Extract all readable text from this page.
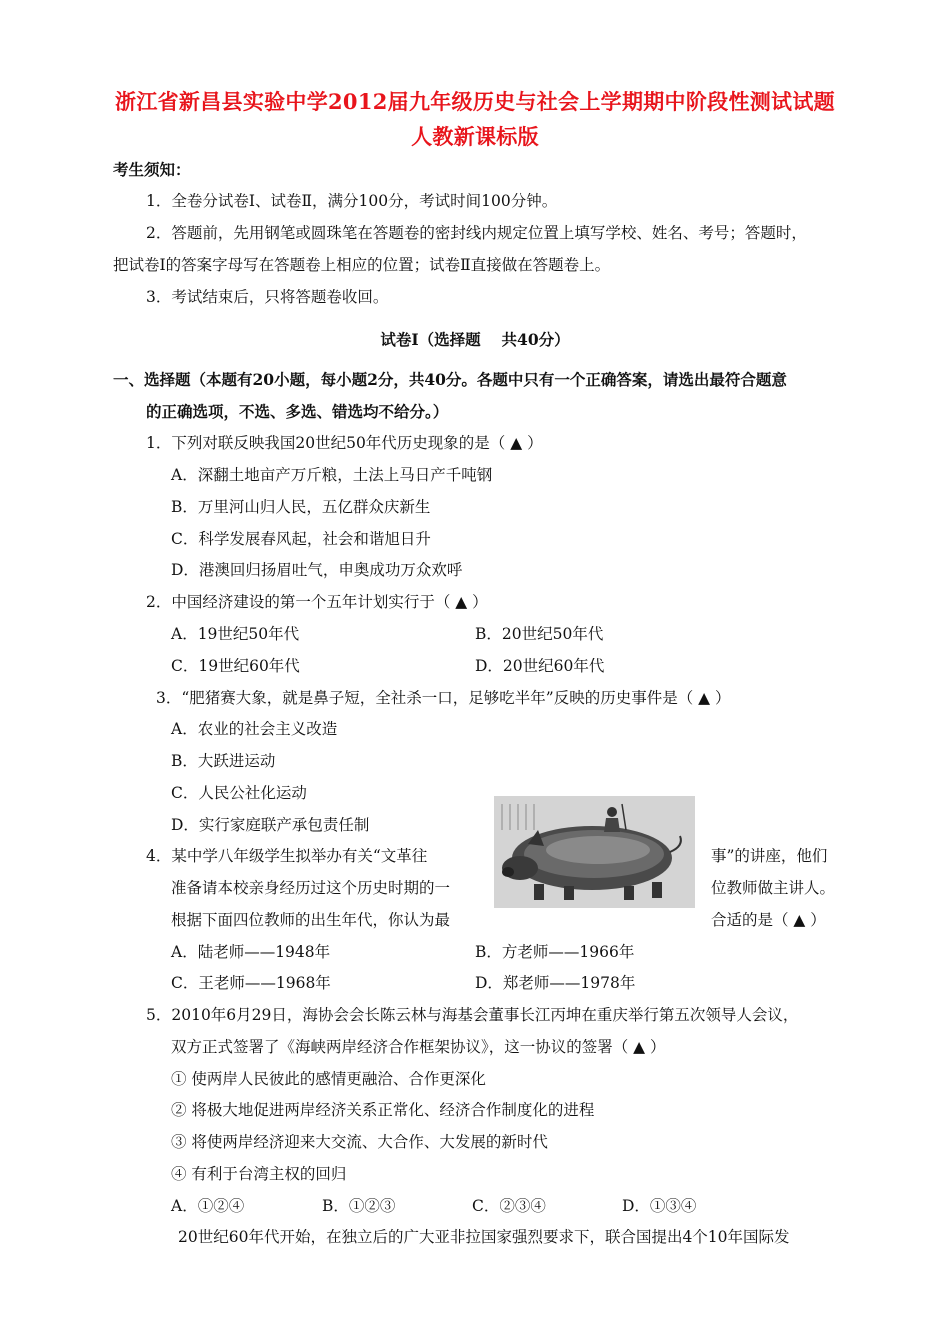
浙江省新昌县实验中学2012届九年级历史与社会上学期期中阶段性测试试题
人教新课标版
考生须知：
1．全卷分试卷Ⅰ、试卷Ⅱ，满分100分，考试时间100分钟。
2．答题前，先用钢笔或圆珠笔在答题卷的密封线内规定位置上填写学校、姓名、考号；答题时，
把试卷Ⅰ的答案字母写在答题卷上相应的位置；试卷Ⅱ直接做在答题卷上。
3．考试结束后，只将答题卷收回。
试卷Ⅰ（选择题　 共40分）
一、选择题（本题有20小题，每小题2分，共40分。各题中只有一个正确答案，请选出最符合题意
的正确选项，不选、多选、错选均不给分。）
1．下列对联反映我国20世纪50年代历史现象的是（ ▲ ）
A．深翻土地亩产万斤粮，土法上马日产千吨钢
B．万里河山归人民，五亿群众庆新生
C．科学发展春风起，社会和谐旭日升
D．港澳回归扬眉吐气，申奥成功万众欢呼
2．中国经济建设的第一个五年计划实行于（ ▲ ）
A．19世纪50年代	B．20世纪50年代
C．19世纪60年代	D．20世纪60年代
3．“肥猪赛大象，就是鼻子短，全社杀一口，足够吃半年”反映的历史事件是（ ▲ ）
A．农业的社会主义改造
B．大跃进运动
C．人民公社化运动
D．实行家庭联产承包责任制
4．某中学八年级学生拟举办有关“文革往	事”的讲座，他们
准备请本校亲身经历过这个历史时期的一	位教师做主讲人。
根据下面四位教师的出生年代，你认为最	合适的是（ ▲ ）
A．陆老师——1948年	B．方老师——1966年
C．王老师——1968年	D．郑老师——1978年
5．2010年6月29日，海协会会长陈云林与海基会董事长江丙坤在重庆举行第五次领导人会议，
双方正式签署了《海峡两岸经济合作框架协议》，这一协议的签署（ ▲ ）
① 使两岸人民彼此的感情更融洽、合作更深化
② 将极大地促进两岸经济关系正常化、经济合作制度化的进程
③ 将使两岸经济迎来大交流、大合作、大发展的新时代
④ 有利于台湾主权的回归
A．①②④	B．①②③	C．②③④	D．①③④
20世纪60年代开始，在独立后的广大亚非拉国家强烈要求下，联合国提出4个10年国际发
